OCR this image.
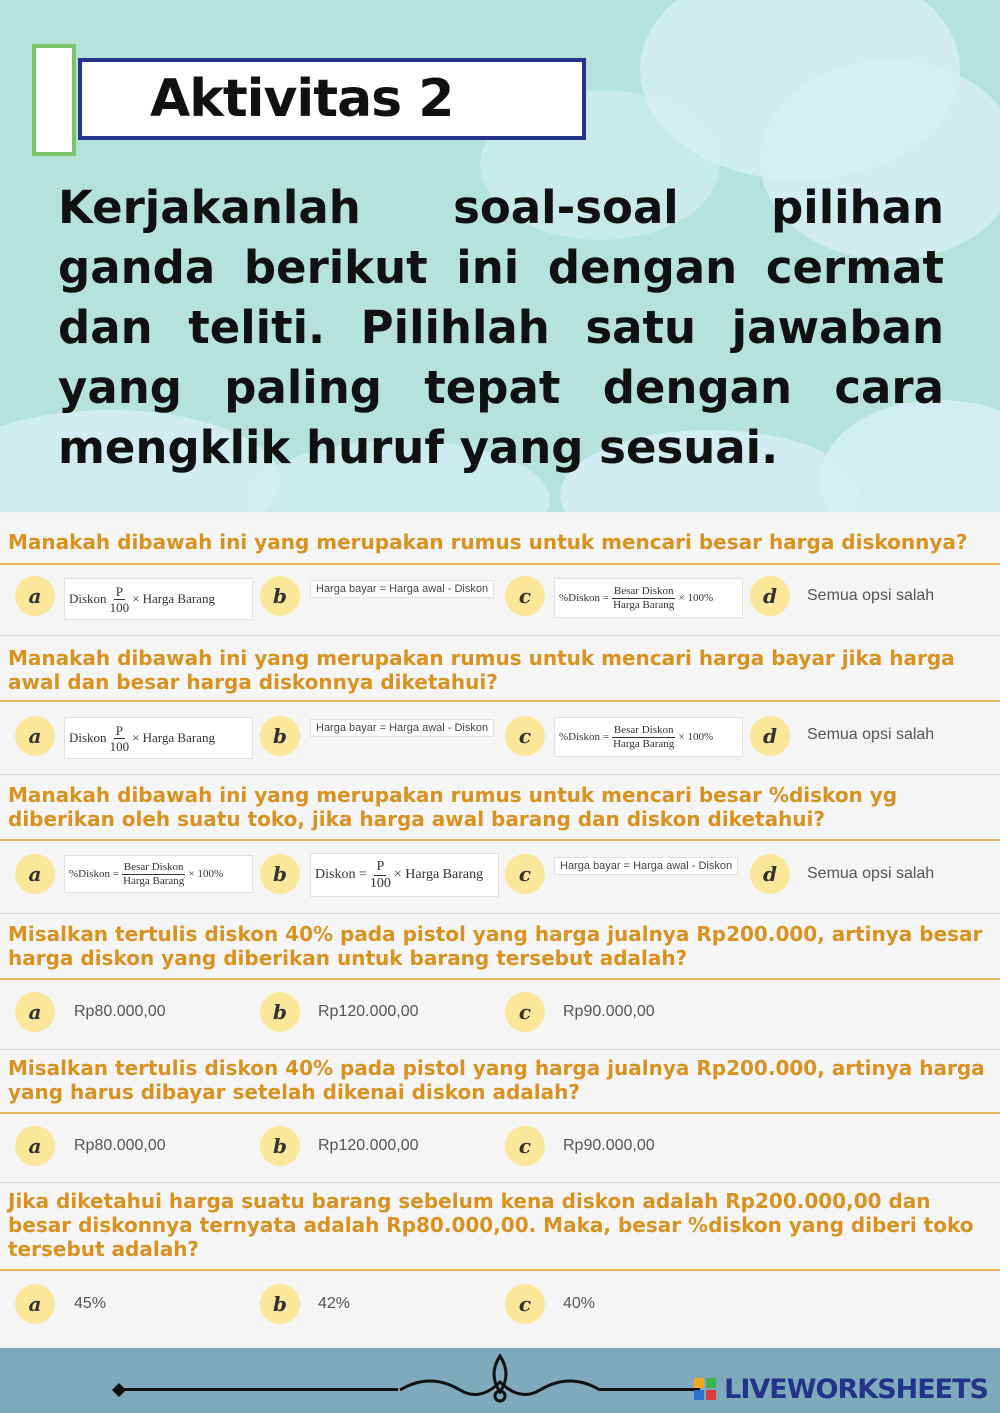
Aktivitas 2
Kerjakanlah soal-soal pilihan ganda berikut ini dengan cermat dan teliti. Pilihlah satu jawaban yang paling tepat dengan cara mengklik huruf yang sesuai.
Manakah dibawah ini yang merupakan rumus untuk mencari besar harga diskonnya?
a	Diskon $\frac{P}{100}$ × Harga Barang	b	Harga bayar = Harga awal - Diskon	c	%Diskon = $\frac{\text{Besar Diskon}}{\text{Harga Barang}} \times 100\%$	d	Semua opsi salah
Manakah dibawah ini yang merupakan rumus untuk mencari harga bayar jika harga awal dan besar harga diskonnya diketahui?
a	Diskon $\frac{P}{100}$ × Harga Barang	b	Harga bayar = Harga awal - Diskon	c	%Diskon = $\frac{\text{Besar Diskon}}{\text{Harga Barang}} \times 100\%$	d	Semua opsi salah
Manakah dibawah ini yang merupakan rumus untuk mencari besar %diskon yg diberikan oleh suatu toko, jika harga awal barang dan diskon diketahui?
a	%Diskon = $\frac{\text{Besar Diskon}}{\text{Harga Barang}} \times 100\%$	b	Diskon = $\frac{P}{100}$ × Harga Barang	c	Harga bayar = Harga awal - Diskon	d	Semua opsi salah
Misalkan tertulis diskon 40% pada pistol yang harga jualnya Rp200.000, artinya besar harga diskon yang diberikan untuk barang tersebut adalah?
a	Rp80.000,00	b	Rp120.000,00	c	Rp90.000,00
Misalkan tertulis diskon 40% pada pistol yang harga jualnya Rp200.000, artinya harga yang harus dibayar setelah dikenai diskon adalah?
a	Rp80.000,00	b	Rp120.000,00	c	Rp90.000,00
Jika diketahui harga suatu barang sebelum kena diskon adalah Rp200.000,00 dan besar diskonnya ternyata adalah Rp80.000,00. Maka, besar %diskon yang diberi toko tersebut adalah?
a	45%	b	42%	c	40%
LIVEWORKSHEETS
